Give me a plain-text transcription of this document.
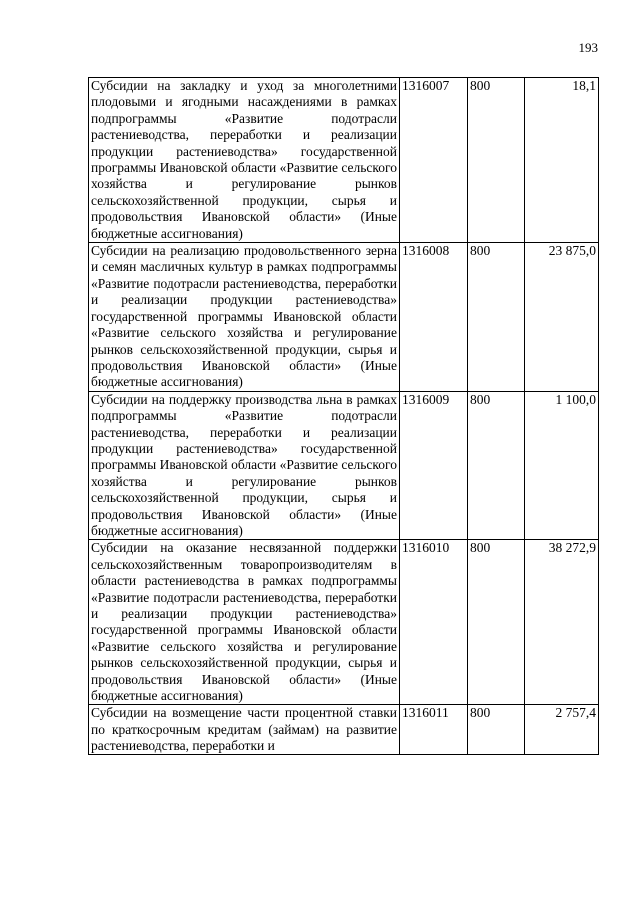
193
Субсидии на закладку и уход за многолетними плодовыми и ягодными насаждениями в рамках подпрограммы «Развитие подотрасли растениеводства, переработки и реализации продукции растениеводства» государственной программы Ивановской области «Развитие сельского хозяйства и регулирование рынков сельскохозяйственной продукции, сырья и продовольствия Ивановской области» (Иные бюджетные ассигнования)	1316007	800	18,1
Субсидии на реализацию продовольственного зерна и семян масличных культур в рамках подпрограммы «Развитие подотрасли растениеводства, переработки и реализации продукции растениеводства» государственной программы Ивановской области «Развитие сельского хозяйства и регулирование рынков сельскохозяйственной продукции, сырья и продовольствия Ивановской области» (Иные бюджетные ассигнования)	1316008	800	23 875,0
Субсидии на поддержку производства льна в рамках подпрограммы «Развитие подотрасли растениеводства, переработки и реализации продукции растениеводства» государственной программы Ивановской области «Развитие сельского хозяйства и регулирование рынков сельскохозяйственной продукции, сырья и продовольствия Ивановской области» (Иные бюджетные ассигнования)	1316009	800	1 100,0
Субсидии на оказание несвязанной поддержки сельскохозяйственным товаропроизводителям в области растениеводства в рамках подпрограммы «Развитие подотрасли растениеводства, переработки и реализации продукции растениеводства» государственной программы Ивановской области «Развитие сельского хозяйства и регулирование рынков сельскохозяйственной продукции, сырья и продовольствия Ивановской области» (Иные бюджетные ассигнования)	1316010	800	38 272,9

Субсидии на возмещение части процентной ставки по краткосрочным кредитам (займам) на развитие растениеводства, переработки и	1316011	800	2 757,4
